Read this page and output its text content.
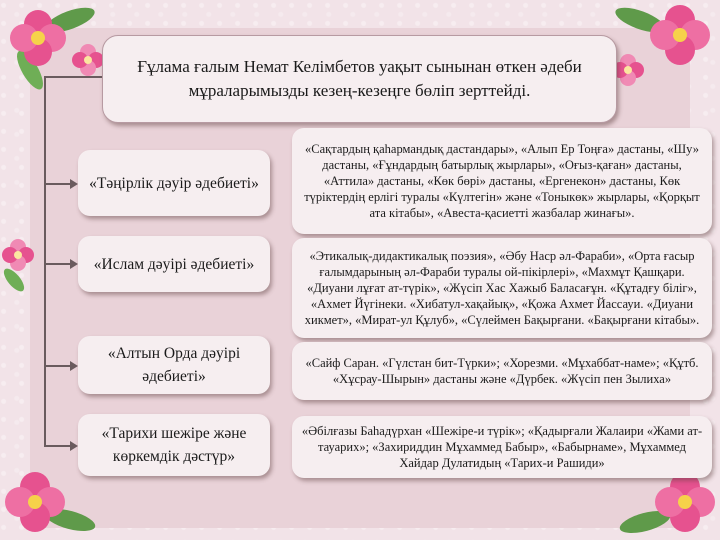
Ғұлама ғалым Немат Келімбетов уақыт сынынан өткен әдеби мұраларымызды кезең-кезеңге бөліп зерттейді.
«Тәңірлік дәуір әдебиеті»
«Сақтардың қаһармандық дастандары», «Алып Ер Тоңға» дастаны, «Шу» дастаны, «Ғұндардың батырлық жырлары», «Оғыз-қаған» дастаны, «Аттила» дастаны, «Көк бөрі» дастаны, «Ергенекон» дастаны, Көк түріктердің ерлігі туралы «Күлтегін» және «Тоныкөк» жырлары, «Қорқыт ата кітабы», «Авеста-қасиетті жазбалар жинағы».
«Ислам дәуірі әдебиеті»	«Этикалық-дидактикалық поэзия», «Әбу Наср әл-Фараби», «Орта ғасыр ғалымдарының әл-Фараби туралы ой-пікірлері», «Махмұт Қашқари. «Диуани лұғат ат-түрік», «Жүсіп Хас Хажыб Баласағұн. «Құтадғу біліг», «Ахмет Йүгінеки. «Хибатул-хақайық», «Қожа Ахмет Йассауи. «Диуани хикмет», «Мират-ул Құлуб», «Сүлеймен Бақырғани. «Бақырғани кітабы».
«Алтын Орда дәуірі әдебиеті»
«Сайф Саран. «Гүлстан бит-Түрки»; «Хорезми. «Мұхаббат-наме»; «Құтб. «Хұсрау-Шырын» дастаны және «Дүрбек. «Жүсіп пен Зылиха»
«Тарихи шежіре және көркемдік дәстүр»
«Әбілғазы Баһадүрхан «Шежіре-и түрік»; «Қадырғали Жалаири «Жами ат- тауарих»; «Захириддин Мұхаммед Бабыр», «Бабырнаме», Мұхаммед Хайдар Дулатидың «Тарих-и Рашиди»
